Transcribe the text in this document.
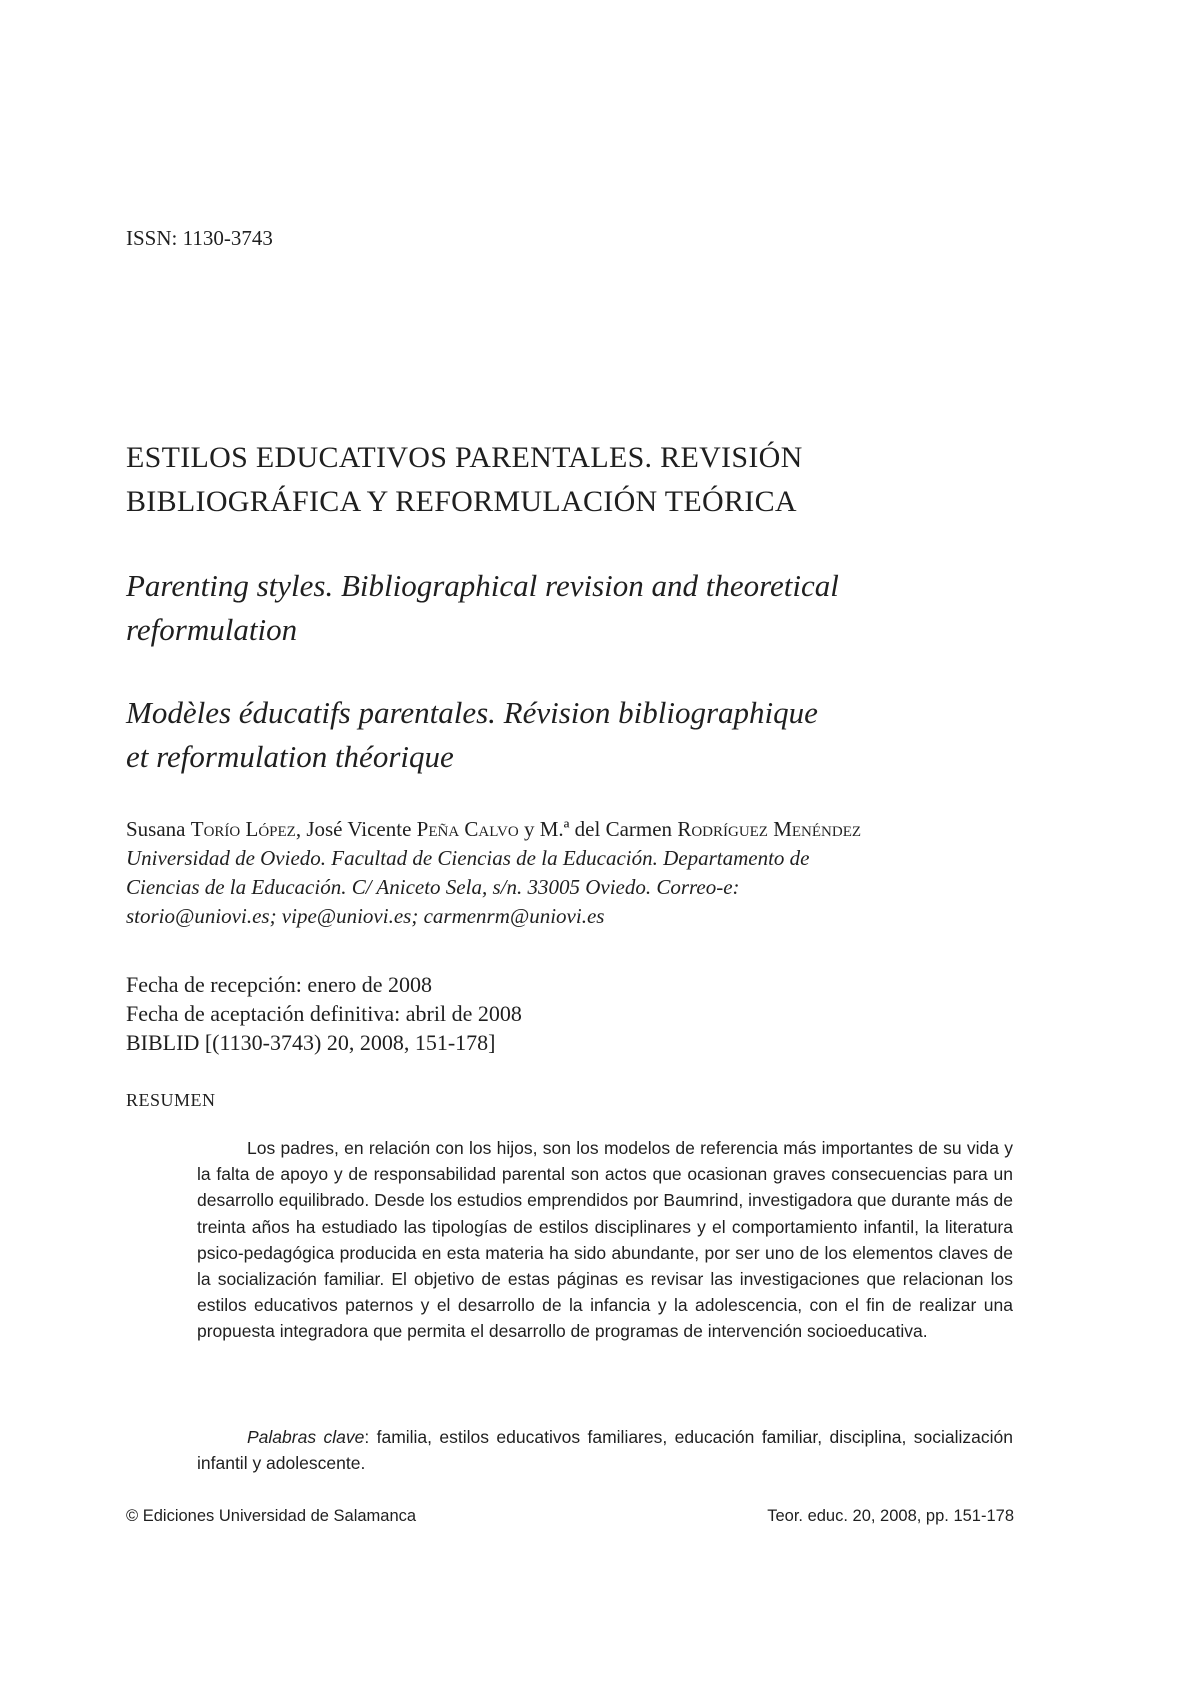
ISSN: 1130-3743
ESTILOS EDUCATIVOS PARENTALES. REVISIÓN
BIBLIOGRÁFICA Y REFORMULACIÓN TEÓRICA
Parenting styles. Bibliographical revision and theoretical
reformulation
Modèles éducatifs parentales. Révision bibliographique
et reformulation théorique
Susana Torío López, José Vicente Peña Calvo y M.ª del Carmen Rodríguez Menéndez
Universidad de Oviedo. Facultad de Ciencias de la Educación. Departamento de
Ciencias de la Educación. C/ Aniceto Sela, s/n. 33005 Oviedo. Correo-e:
storio@uniovi.es; vipe@uniovi.es; carmenrm@uniovi.es
Fecha de recepción: enero de 2008
Fecha de aceptación definitiva: abril de 2008
BIBLID [(1130-3743) 20, 2008, 151-178]
RESUMEN

Los padres, en relación con los hijos, son los modelos de referencia más importantes de su vida y la falta de apoyo y de responsabilidad parental son actos que ocasionan graves consecuencias para un desarrollo equilibrado. Desde los estudios emprendidos por Baumrind, investigadora que durante más de treinta años ha estudiado las tipologías de estilos disciplinares y el comportamiento infantil, la literatura psico-pedagógica producida en esta materia ha sido abundante, por ser uno de los elementos claves de la socialización familiar. El objetivo de estas páginas es revisar las investigaciones que relacionan los estilos educativos paternos y el desarrollo de la infancia y la adolescencia, con el fin de realizar una propuesta integradora que permita el desarrollo de programas de intervención socioeducativa.

Palabras clave: familia, estilos educativos familiares, educación familiar, disciplina, socialización infantil y adolescente.

© Ediciones Universidad de Salamanca	Teor. educ. 20, 2008, pp. 151-178
